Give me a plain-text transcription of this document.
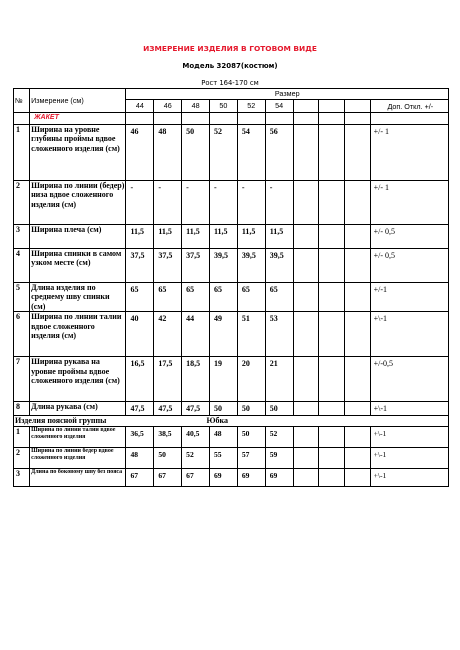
ИЗМЕРЕНИЕ ИЗДЕЛИЯ В ГОТОВОМ ВИДЕ
Модель 32087(костюм)
Рост 164-170 см
№	Измерение (см)	Размер									
		44	46	48	50	52	54				Доп. Откл. +/-
	ЖАКЕТ										
1	Ширина на уровне глубины проймы вдвое сложенного изделия (см)	46	48	50	52	54	56				+/- 1
2	Ширина по линии (бедер) низа вдвое сложенного изделия (см)	-	-	-	-	-	-				+/- 1
3	Ширина плеча (см)	11,5	11,5	11,5	11,5	11,5	11,5				+/- 0,5
4	Ширина спинки в самом узком месте (см)	37,5	37,5	37,5	39,5	39,5	39,5				+/- 0,5
5	Длина изделия по среднему шву спинки (см)	65	65	65	65	65	65				+/-1
6	Ширина по линии талии вдвое сложенного изделия (см)	40	42	44	49	51	53				+\-1
7	Ширина рукава на уровне проймы вдвое сложенного изделия (см)	16,5	17,5	18,5	19	20	21				+/-0,5
8	Длина рукава (см)	47,5	47,5	47,5	50	50	50				+\-1
Изделия поясной группы Юбка											

1	Ширина по линии талии вдвое сложенного изделия	36,5	38,5	40,5	48	50	52				+\-1
2	Ширина по линии бедер вдвое сложенного изделия	48	50	52	55	57	59				+\-1
3	Длина по боковому шву без пояса	67	67	67	69	69	69				+\-1
